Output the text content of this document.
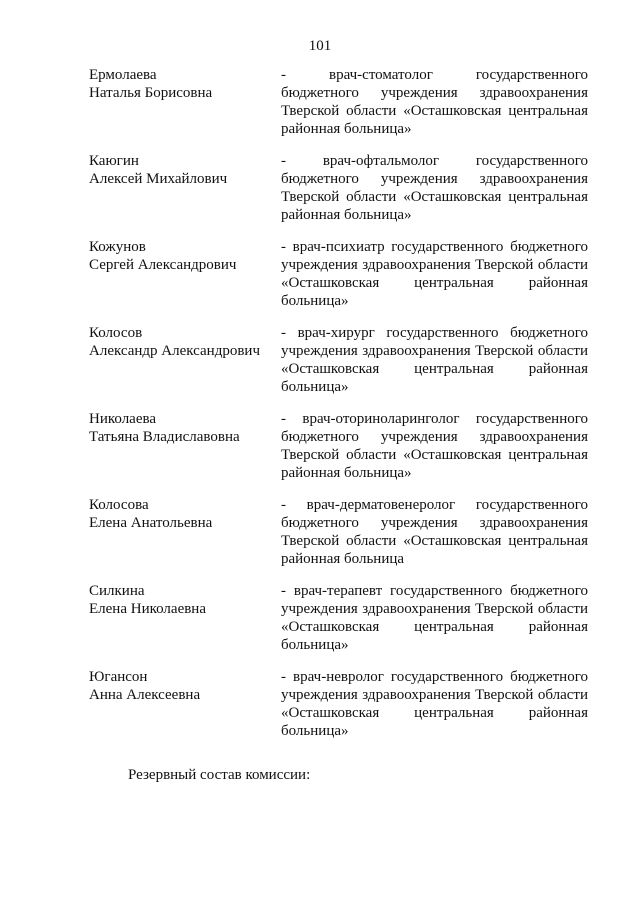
101
Ермолаева
Наталья Борисовна
- врач-стоматолог государственного
бюджетного учреждения здравоохранения
Тверской области «Осташковская центральная
районная больница»
Каюгин
Алексей Михайлович
- врач-офтальмолог государственного
бюджетного учреждения здравоохранения
Тверской области «Осташковская центральная
районная больница»
Кожунов
Сергей Александрович
- врач-психиатр государственного бюджетного
учреждения здравоохранения Тверской области
«Осташковская центральная районная
больница»
Колосов
Александр Александрович
- врач-хирург государственного бюджетного
учреждения здравоохранения Тверской области
«Осташковская центральная районная
больница»
Николаева
Татьяна Владиславовна
- врач-оториноларинголог государственного
бюджетного учреждения здравоохранения
Тверской области «Осташковская центральная
районная больница»
Колосова
Елена Анатольевна
- врач-дерматовенеролог государственного
бюджетного учреждения здравоохранения
Тверской области «Осташковская центральная
районная больница
Силкина
Елена Николаевна
- врач-терапевт государственного бюджетного
учреждения здравоохранения Тверской области
«Осташковская центральная районная
больница»
Югансон
Анна Алексеевна
- врач-невролог государственного бюджетного
учреждения здравоохранения Тверской области
«Осташковская центральная районная
больница»
Резервный состав комиссии:
